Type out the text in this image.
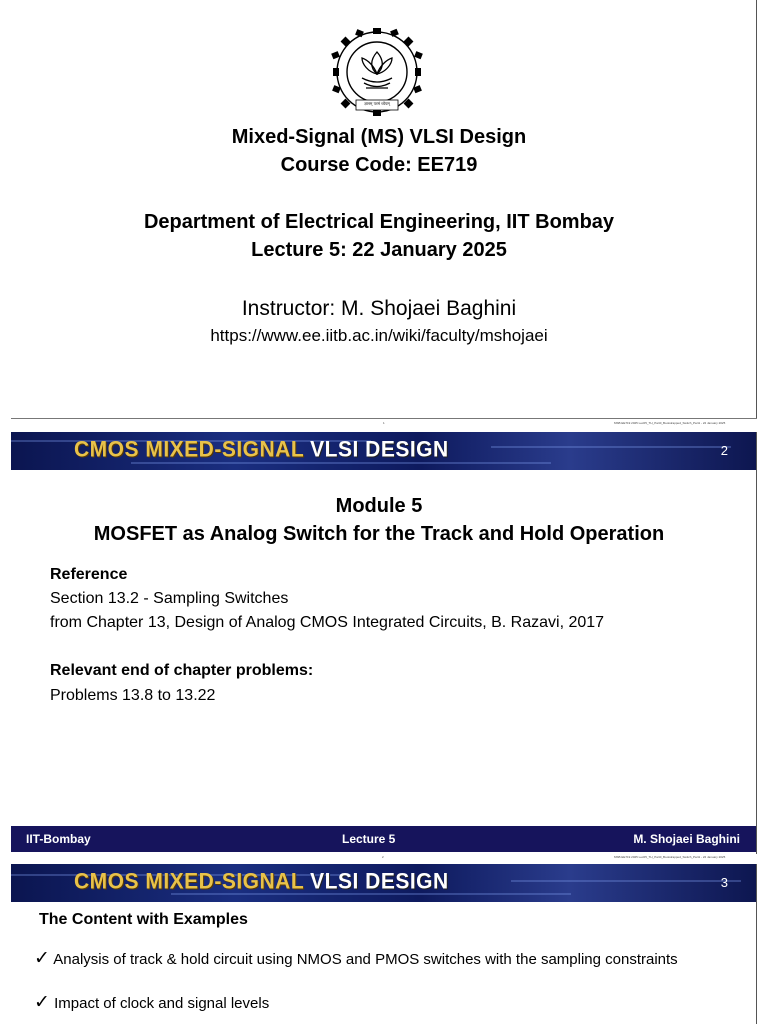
ज्ञानम् परमं ध्येयम्
Mixed-Signal (MS) VLSI Design
Course Code: EE719
Department of Electrical Engineering, IIT Bombay
Lecture 5: 22 January 2025
Instructor: M. Shojaei Baghini
https://www.ee.iitb.ac.in/wiki/faculty/mshojaei
1	MSB EE719 2025 Lec05_TH_Part0_Bootstrapped_Switch_Part1 - 22 January 2025
CMOS MIXED-SIGNAL VLSI DESIGN	2
Module 5
MOSFET as Analog Switch for the Track and Hold Operation
Reference
Section 13.2 - Sampling Switches
from Chapter 13, Design of Analog CMOS Integrated Circuits, B. Razavi, 2017
Relevant end of chapter problems:
Problems 13.8 to 13.22
IIT-Bombay	Lecture 5	M. Shojaei Baghini
2	MSB EE719 2025 Lec05_TH_Part0_Bootstrapped_Switch_Part1 - 22 January 2025
CMOS MIXED-SIGNAL VLSI DESIGN	3
The Content with Examples
✓ Analysis of track & hold circuit using NMOS and PMOS switches with the sampling constraints
✓ Impact of clock and signal levels
